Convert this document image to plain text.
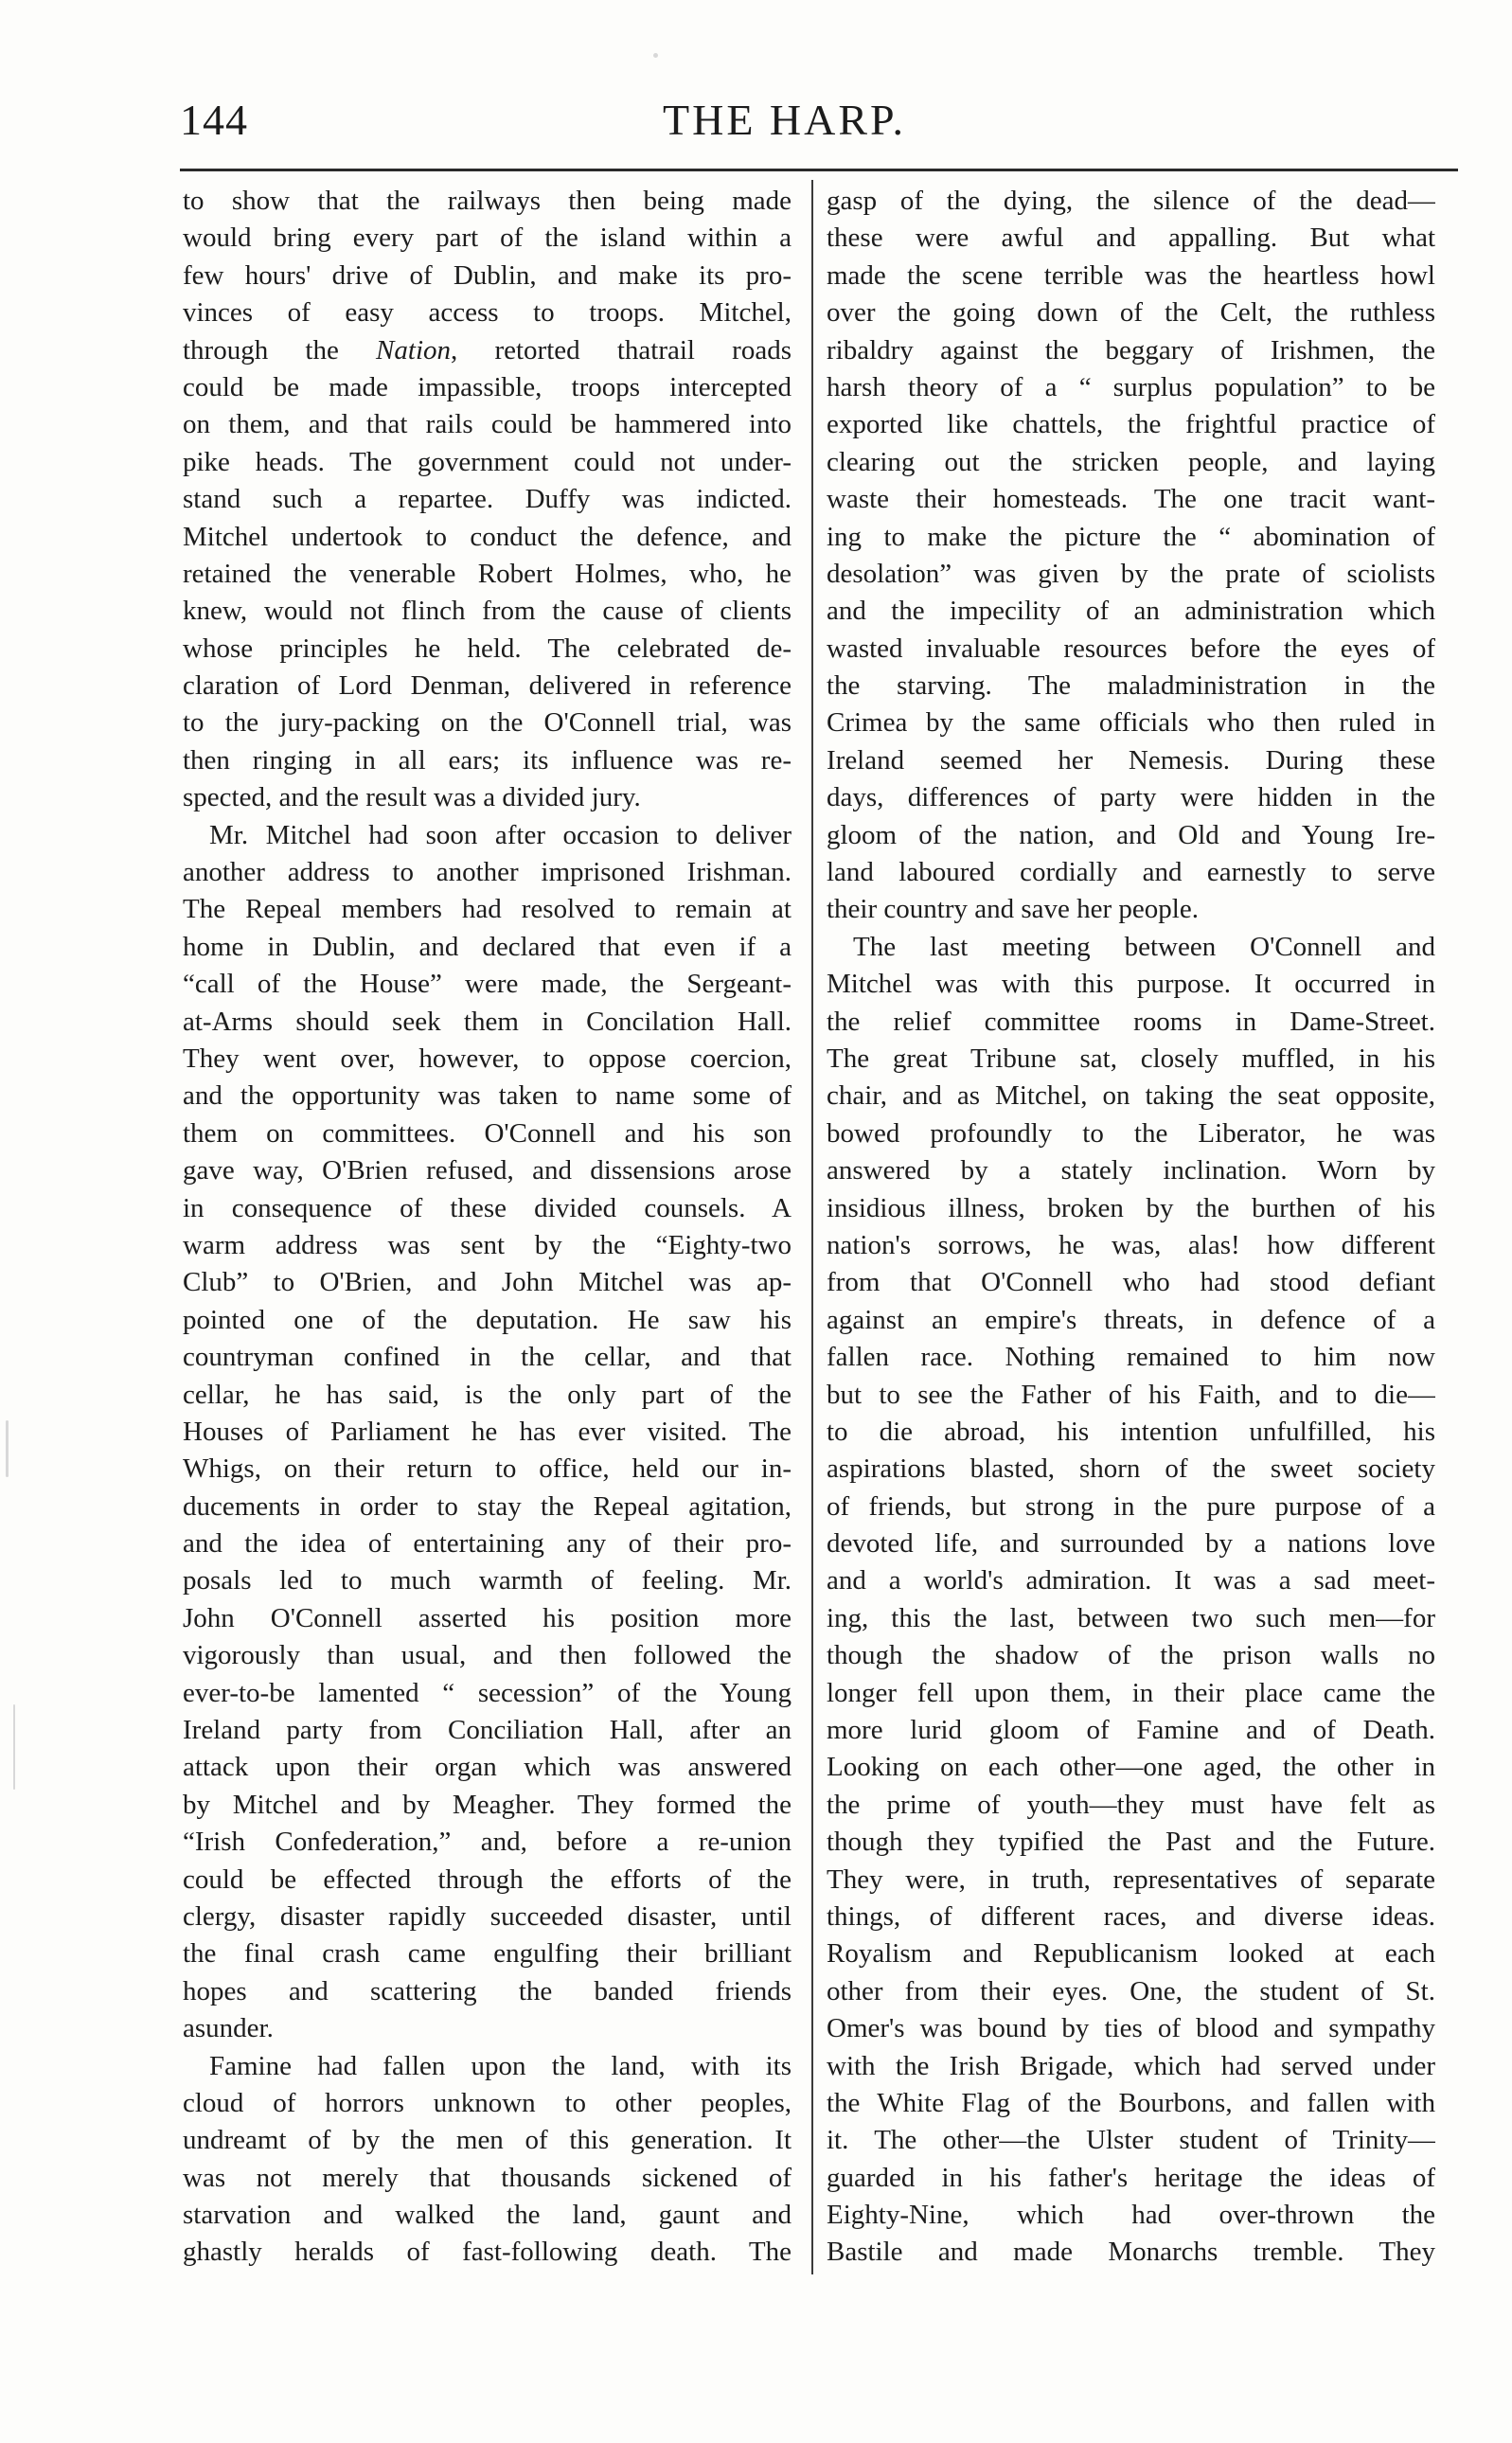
144	THE HARP.
to show that the railways then being made
would bring every part of the island within a
few hours' drive of Dublin, and make its pro-
vinces of easy access to troops. Mitchel,
through the Nation, retorted thatrail roads
could be made impassible, troops intercepted
on them, and that rails could be hammered into
pike heads. The government could not under-
stand such a repartee. Duffy was indicted.
Mitchel undertook to conduct the defence, and
retained the venerable Robert Holmes, who, he
knew, would not flinch from the cause of clients
whose principles he held. The celebrated de-
claration of Lord Denman, delivered in reference
to the jury-packing on the O'Connell trial, was
then ringing in all ears; its influence was re-
spected, and the result was a divided jury.
Mr. Mitchel had soon after occasion to deliver
another address to another imprisoned Irishman.
The Repeal members had resolved to remain at
home in Dublin, and declared that even if a
“call of the House” were made, the Sergeant-
at-Arms should seek them in Concilation Hall.
They went over, however, to oppose coercion,
and the opportunity was taken to name some of
them on committees. O'Connell and his son
gave way, O'Brien refused, and dissensions arose
in consequence of these divided counsels. A
warm address was sent by the “Eighty-two
Club” to O'Brien, and John Mitchel was ap-
pointed one of the deputation. He saw his
countryman confined in the cellar, and that
cellar, he has said, is the only part of the
Houses of Parliament he has ever visited. The
Whigs, on their return to office, held our in-
ducements in order to stay the Repeal agitation,
and the idea of entertaining any of their pro-
posals led to much warmth of feeling. Mr.
John O'Connell asserted his position more
vigorously than usual, and then followed the
ever-to-be lamented “ secession” of the Young
Ireland party from Conciliation Hall, after an
attack upon their organ which was answered
by Mitchel and by Meagher. They formed the
“Irish Confederation,” and, before a re-union
could be effected through the efforts of the
clergy, disaster rapidly succeeded disaster, until
the final crash came engulfing their brilliant
hopes and scattering the banded friends
asunder.
Famine had fallen upon the land, with its
cloud of horrors unknown to other peoples,
undreamt of by the men of this generation. It
was not merely that thousands sickened of
starvation and walked the land, gaunt and
ghastly heralds of fast-following death. The
gasp of the dying, the silence of the dead—
these were awful and appalling. But what
made the scene terrible was the heartless howl
over the going down of the Celt, the ruthless
ribaldry against the beggary of Irishmen, the
harsh theory of a “ surplus population” to be
exported like chattels, the frightful practice of
clearing out the stricken people, and laying
waste their homesteads. The one tracit want-
ing to make the picture the “ abomination of
desolation” was given by the prate of sciolists
and the impecility of an administration which
wasted invaluable resources before the eyes of
the starving. The maladministration in the
Crimea by the same officials who then ruled in
Ireland seemed her Nemesis. During these
days, differences of party were hidden in the
gloom of the nation, and Old and Young Ire-
land laboured cordially and earnestly to serve
their country and save her people.
The last meeting between O'Connell and
Mitchel was with this purpose. It occurred in
the relief committee rooms in Dame-Street.
The great Tribune sat, closely muffled, in his
chair, and as Mitchel, on taking the seat opposite,
bowed profoundly to the Liberator, he was
answered by a stately inclination. Worn by
insidious illness, broken by the burthen of his
nation's sorrows, he was, alas! how different
from that O'Connell who had stood defiant
against an empire's threats, in defence of a
fallen race. Nothing remained to him now
but to see the Father of his Faith, and to die—
to die abroad, his intention unfulfilled, his
aspirations blasted, shorn of the sweet society
of friends, but strong in the pure purpose of a
devoted life, and surrounded by a nations love
and a world's admiration. It was a sad meet-
ing, this the last, between two such men—for
though the shadow of the prison walls no
longer fell upon them, in their place came the
more lurid gloom of Famine and of Death.
Looking on each other—one aged, the other in
the prime of youth—they must have felt as
though they typified the Past and the Future.
They were, in truth, representatives of separate
things, of different races, and diverse ideas.
Royalism and Republicanism looked at each
other from their eyes. One, the student of St.
Omer's was bound by ties of blood and sympathy
with the Irish Brigade, which had served under
the White Flag of the Bourbons, and fallen with
it. The other—the Ulster student of Trinity—
guarded in his father's heritage the ideas of
Eighty-Nine, which had over-thrown the
Bastile and made Monarchs tremble. They
